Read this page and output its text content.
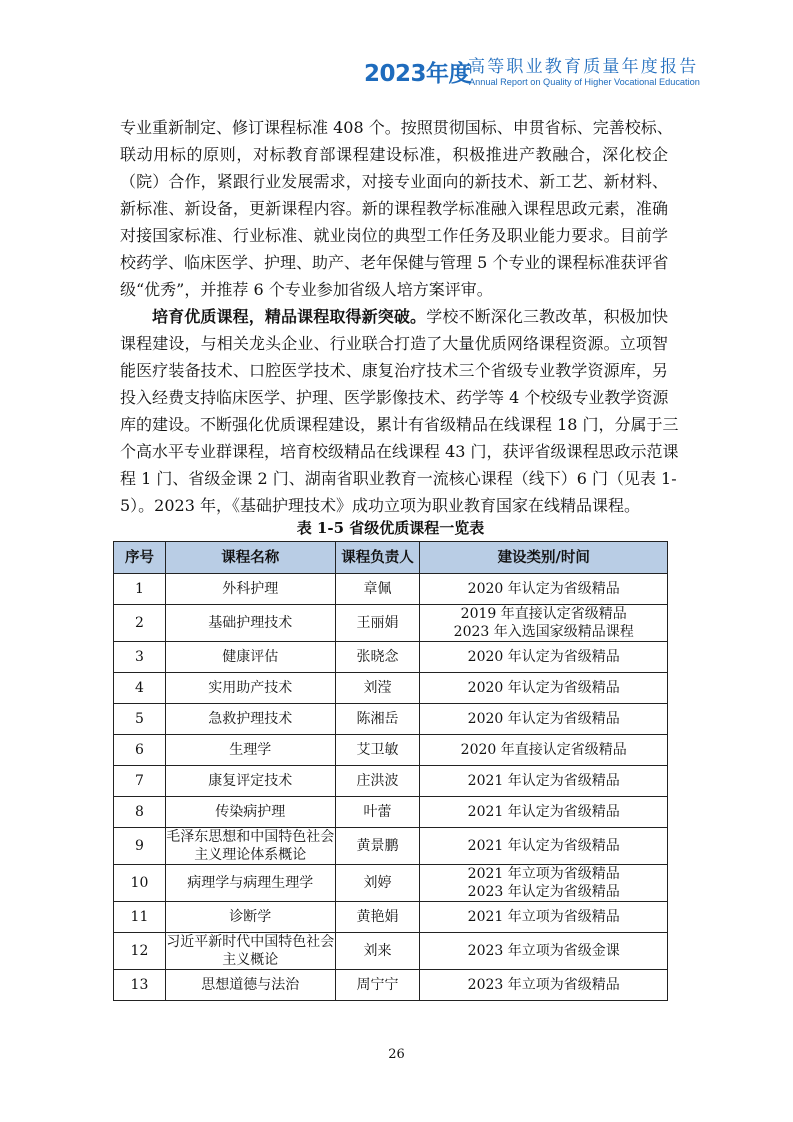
2023年度
高等职业教育质量年度报告
Annual Report on Quality of Higher Vocational Education
专业重新制定、修订课程标准 408 个。按照贯彻国标、申贯省标、完善校标、
联动用标的原则，对标教育部课程建设标准，积极推进产教融合，深化校企
（院）合作，紧跟行业发展需求，对接专业面向的新技术、新工艺、新材料、
新标准、新设备，更新课程内容。新的课程教学标准融入课程思政元素，准确
对接国家标准、行业标准、就业岗位的典型工作任务及职业能力要求。目前学
校药学、临床医学、护理、助产、老年保健与管理 5 个专业的课程标准获评省
级“优秀”，并推荐 6 个专业参加省级人培方案评审。
培育优质课程，精品课程取得新突破。学校不断深化三教改革，积极加快
课程建设，与相关龙头企业、行业联合打造了大量优质网络课程资源。立项智
能医疗装备技术、口腔医学技术、康复治疗技术三个省级专业教学资源库，另
投入经费支持临床医学、护理、医学影像技术、药学等 4 个校级专业教学资源
库的建设。不断强化优质课程建设，累计有省级精品在线课程 18 门，分属于三
个高水平专业群课程，培育校级精品在线课程 43 门，获评省级课程思政示范课
程 1 门、省级金课 2 门、湖南省职业教育一流核心课程（线下）6 门（见表 1-
5）。2023 年，《基础护理技术》成功立项为职业教育国家在线精品课程。
表 1-5 省级优质课程一览表
序号	课程名称	课程负责人	建设类别/时间
1	外科护理	章佩	2020 年认定为省级精品

2	基础护理技术	王丽娟	2019 年直接认定省级精品
2023 年入选国家级精品课程

3	健康评估	张晓念	2020 年认定为省级精品

4	实用助产技术	刘滢	2020 年认定为省级精品

5	急救护理技术	陈湘岳	2020 年认定为省级精品

6	生理学	艾卫敏	2020 年直接认定省级精品

7	康复评定技术	庄洪波	2021 年认定为省级精品

8	传染病护理	叶蕾	2021 年认定为省级精品

9	毛泽东思想和中国特色社会
主义理论体系概论	黄景鹏	2021 年认定为省级精品

10	病理学与病理生理学	刘婷	2021 年立项为省级精品
2023 年认定为省级精品

11	诊断学	黄艳娟	2021 年立项为省级精品

12	习近平新时代中国特色社会
主义概论	刘来	2023 年立项为省级金课

13	思想道德与法治	周宁宁	2023 年立项为省级精品
26
